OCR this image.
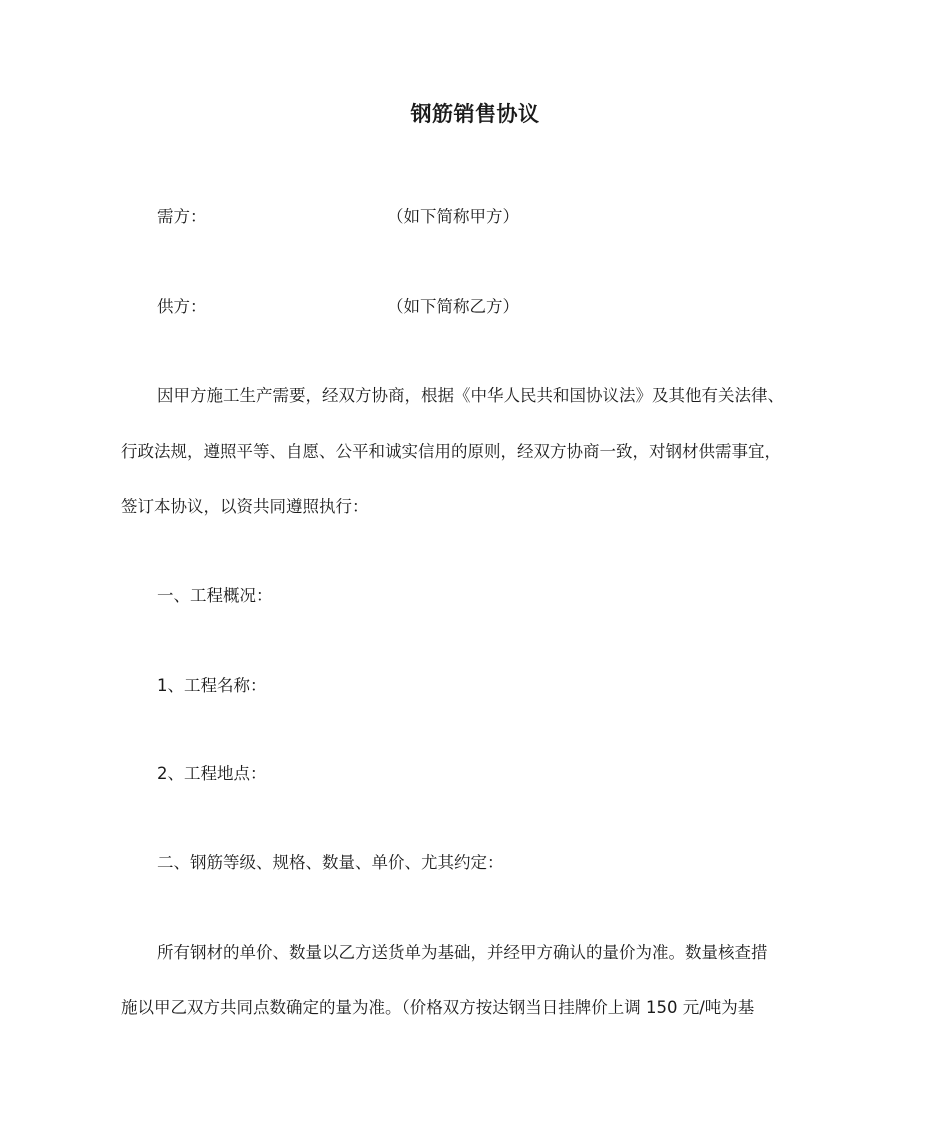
钢筋销售协议
需方：	（如下简称甲方）
供方：	（如下简称乙方）
因甲方施工生产需要，经双方协商，根据《中华人民共和国协议法》及其他有关法律、
行政法规，遵照平等、自愿、公平和诚实信用的原则，经双方协商一致，对钢材供需事宜，
签订本协议，以资共同遵照执行：
一、工程概况：
1、工程名称：
2、工程地点：
二、钢筋等级、规格、数量、单价、尤其约定：
所有钢材的单价、数量以乙方送货单为基础，并经甲方确认的量价为准。数量核查措
施以甲乙双方共同点数确定的量为准。（价格双方按达钢当日挂牌价上调 150 元/吨为基
